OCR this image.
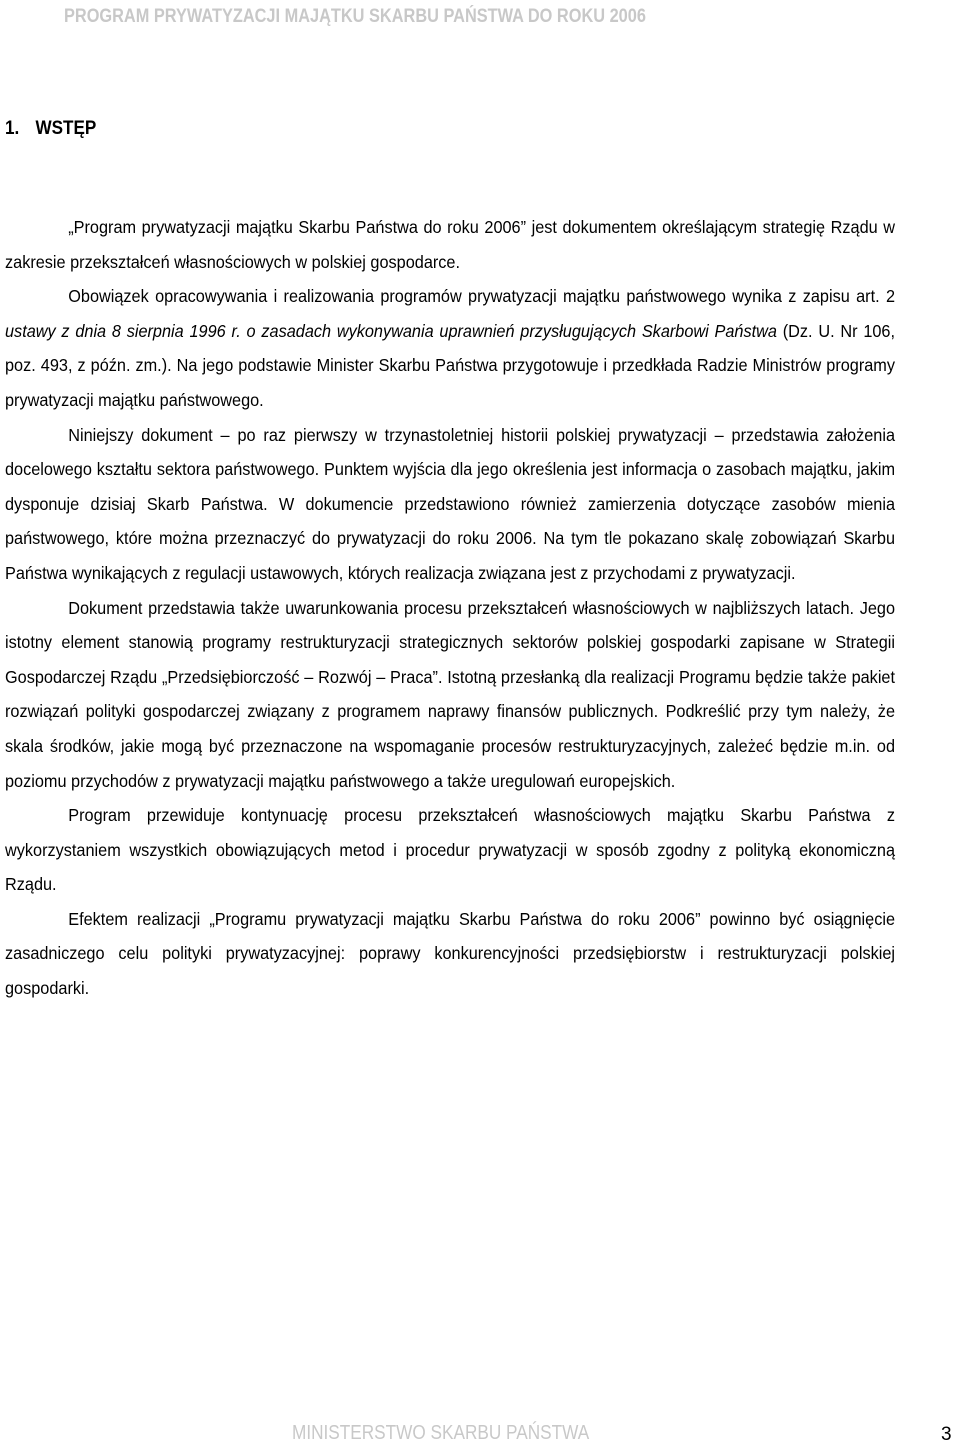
PROGRAM PRYWATYZACJI MAJĄTKU SKARBU PAŃSTWA DO ROKU 2006
1. WSTĘP

„Program prywatyzacji majątku Skarbu Państwa do roku 2006” jest dokumentem określającym strategię Rządu w zakresie przekształceń własnościowych w polskiej gospodarce.

Obowiązek opracowywania i realizowania programów prywatyzacji majątku państwowego wynika z zapisu art. 2 ustawy z dnia 8 sierpnia 1996 r. o zasadach wykonywania uprawnień przysługujących Skarbowi Państwa (Dz. U. Nr 106, poz. 493, z późn. zm.). Na jego podstawie Minister Skarbu Państwa przygotowuje i przedkłada Radzie Ministrów programy prywatyzacji majątku państwowego.

Niniejszy dokument – po raz pierwszy w trzynastoletniej historii polskiej prywatyzacji – przedstawia założenia docelowego kształtu sektora państwowego. Punktem wyjścia dla jego określenia jest informacja o zasobach majątku, jakim dysponuje dzisiaj Skarb Państwa. W dokumencie przedstawiono również zamierzenia dotyczące zasobów mienia państwowego, które można przeznaczyć do prywatyzacji do roku 2006. Na tym tle pokazano skalę zobowiązań Skarbu Państwa wynikających z regulacji ustawowych, których realizacja związana jest z przychodami z prywatyzacji.

Dokument przedstawia także uwarunkowania procesu przekształceń własnościowych w najbliższych latach. Jego istotny element stanowią programy restrukturyzacji strategicznych sektorów polskiej gospodarki zapisane w Strategii Gospodarczej Rządu „Przedsiębiorczość – Rozwój – Praca”. Istotną przesłanką dla realizacji Programu będzie także pakiet rozwiązań polityki gospodarczej związany z programem naprawy finansów publicznych. Podkreślić przy tym należy, że skala środków, jakie mogą być przeznaczone na wspomaganie procesów restrukturyzacyjnych, zależeć będzie m.in. od poziomu przychodów z prywatyzacji majątku państwowego a także uregulowań europejskich.

Program przewiduje kontynuację procesu przekształceń własnościowych majątku Skarbu Państwa z wykorzystaniem wszystkich obowiązujących metod i procedur prywatyzacji w sposób zgodny z polityką ekonomiczną Rządu.

Efektem realizacji „Programu prywatyzacji majątku Skarbu Państwa do roku 2006” powinno być osiągnięcie zasadniczego celu polityki prywatyzacyjnej: poprawy konkurencyjności przedsiębiorstw i restrukturyzacji polskiej gospodarki.

MINISTERSTWO SKARBU PAŃSTWA	3
